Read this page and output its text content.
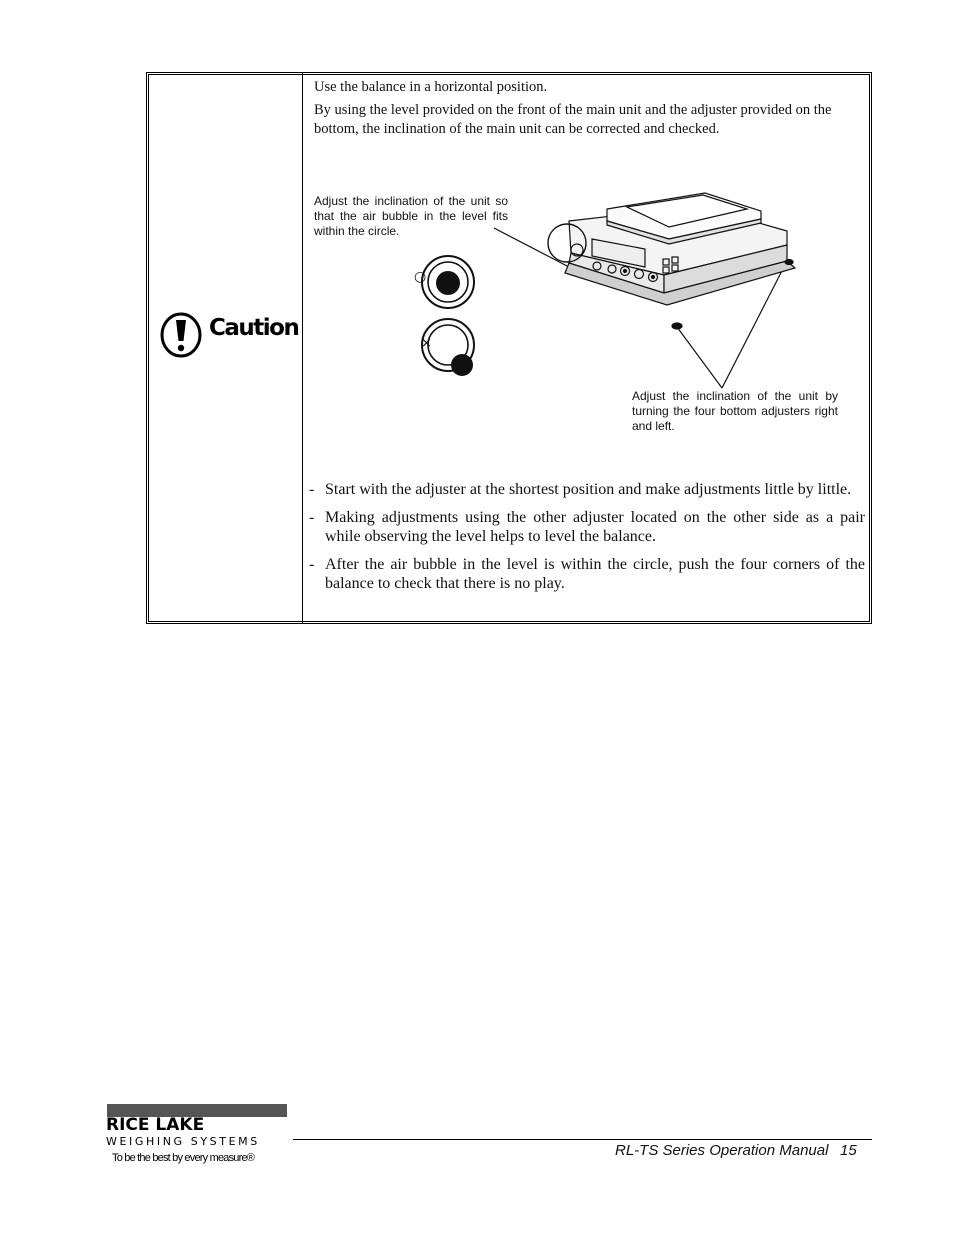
Caution

Use the balance in a horizontal position.

By using the level provided on the front of the main unit and the adjuster provided on the bottom, the inclination of the main unit can be corrected and checked.

Adjust the inclination of the unit so that the air bubble in the level fits within the circle.

Adjust the inclination of the unit by turning the four bottom adjusters right and left.

○
×
- Start with the adjuster at the shortest position and make adjustments little by little.
- Making adjustments using the other adjuster located on the other side as a pair while observing the level helps to level the balance.
- After the air bubble in the level is within the circle, push the four corners of the balance to check that there is no play.
RICE LAKE
WEIGHING SYSTEMS
To be the best by every measure®	RL-TS Series Operation Manual 15
